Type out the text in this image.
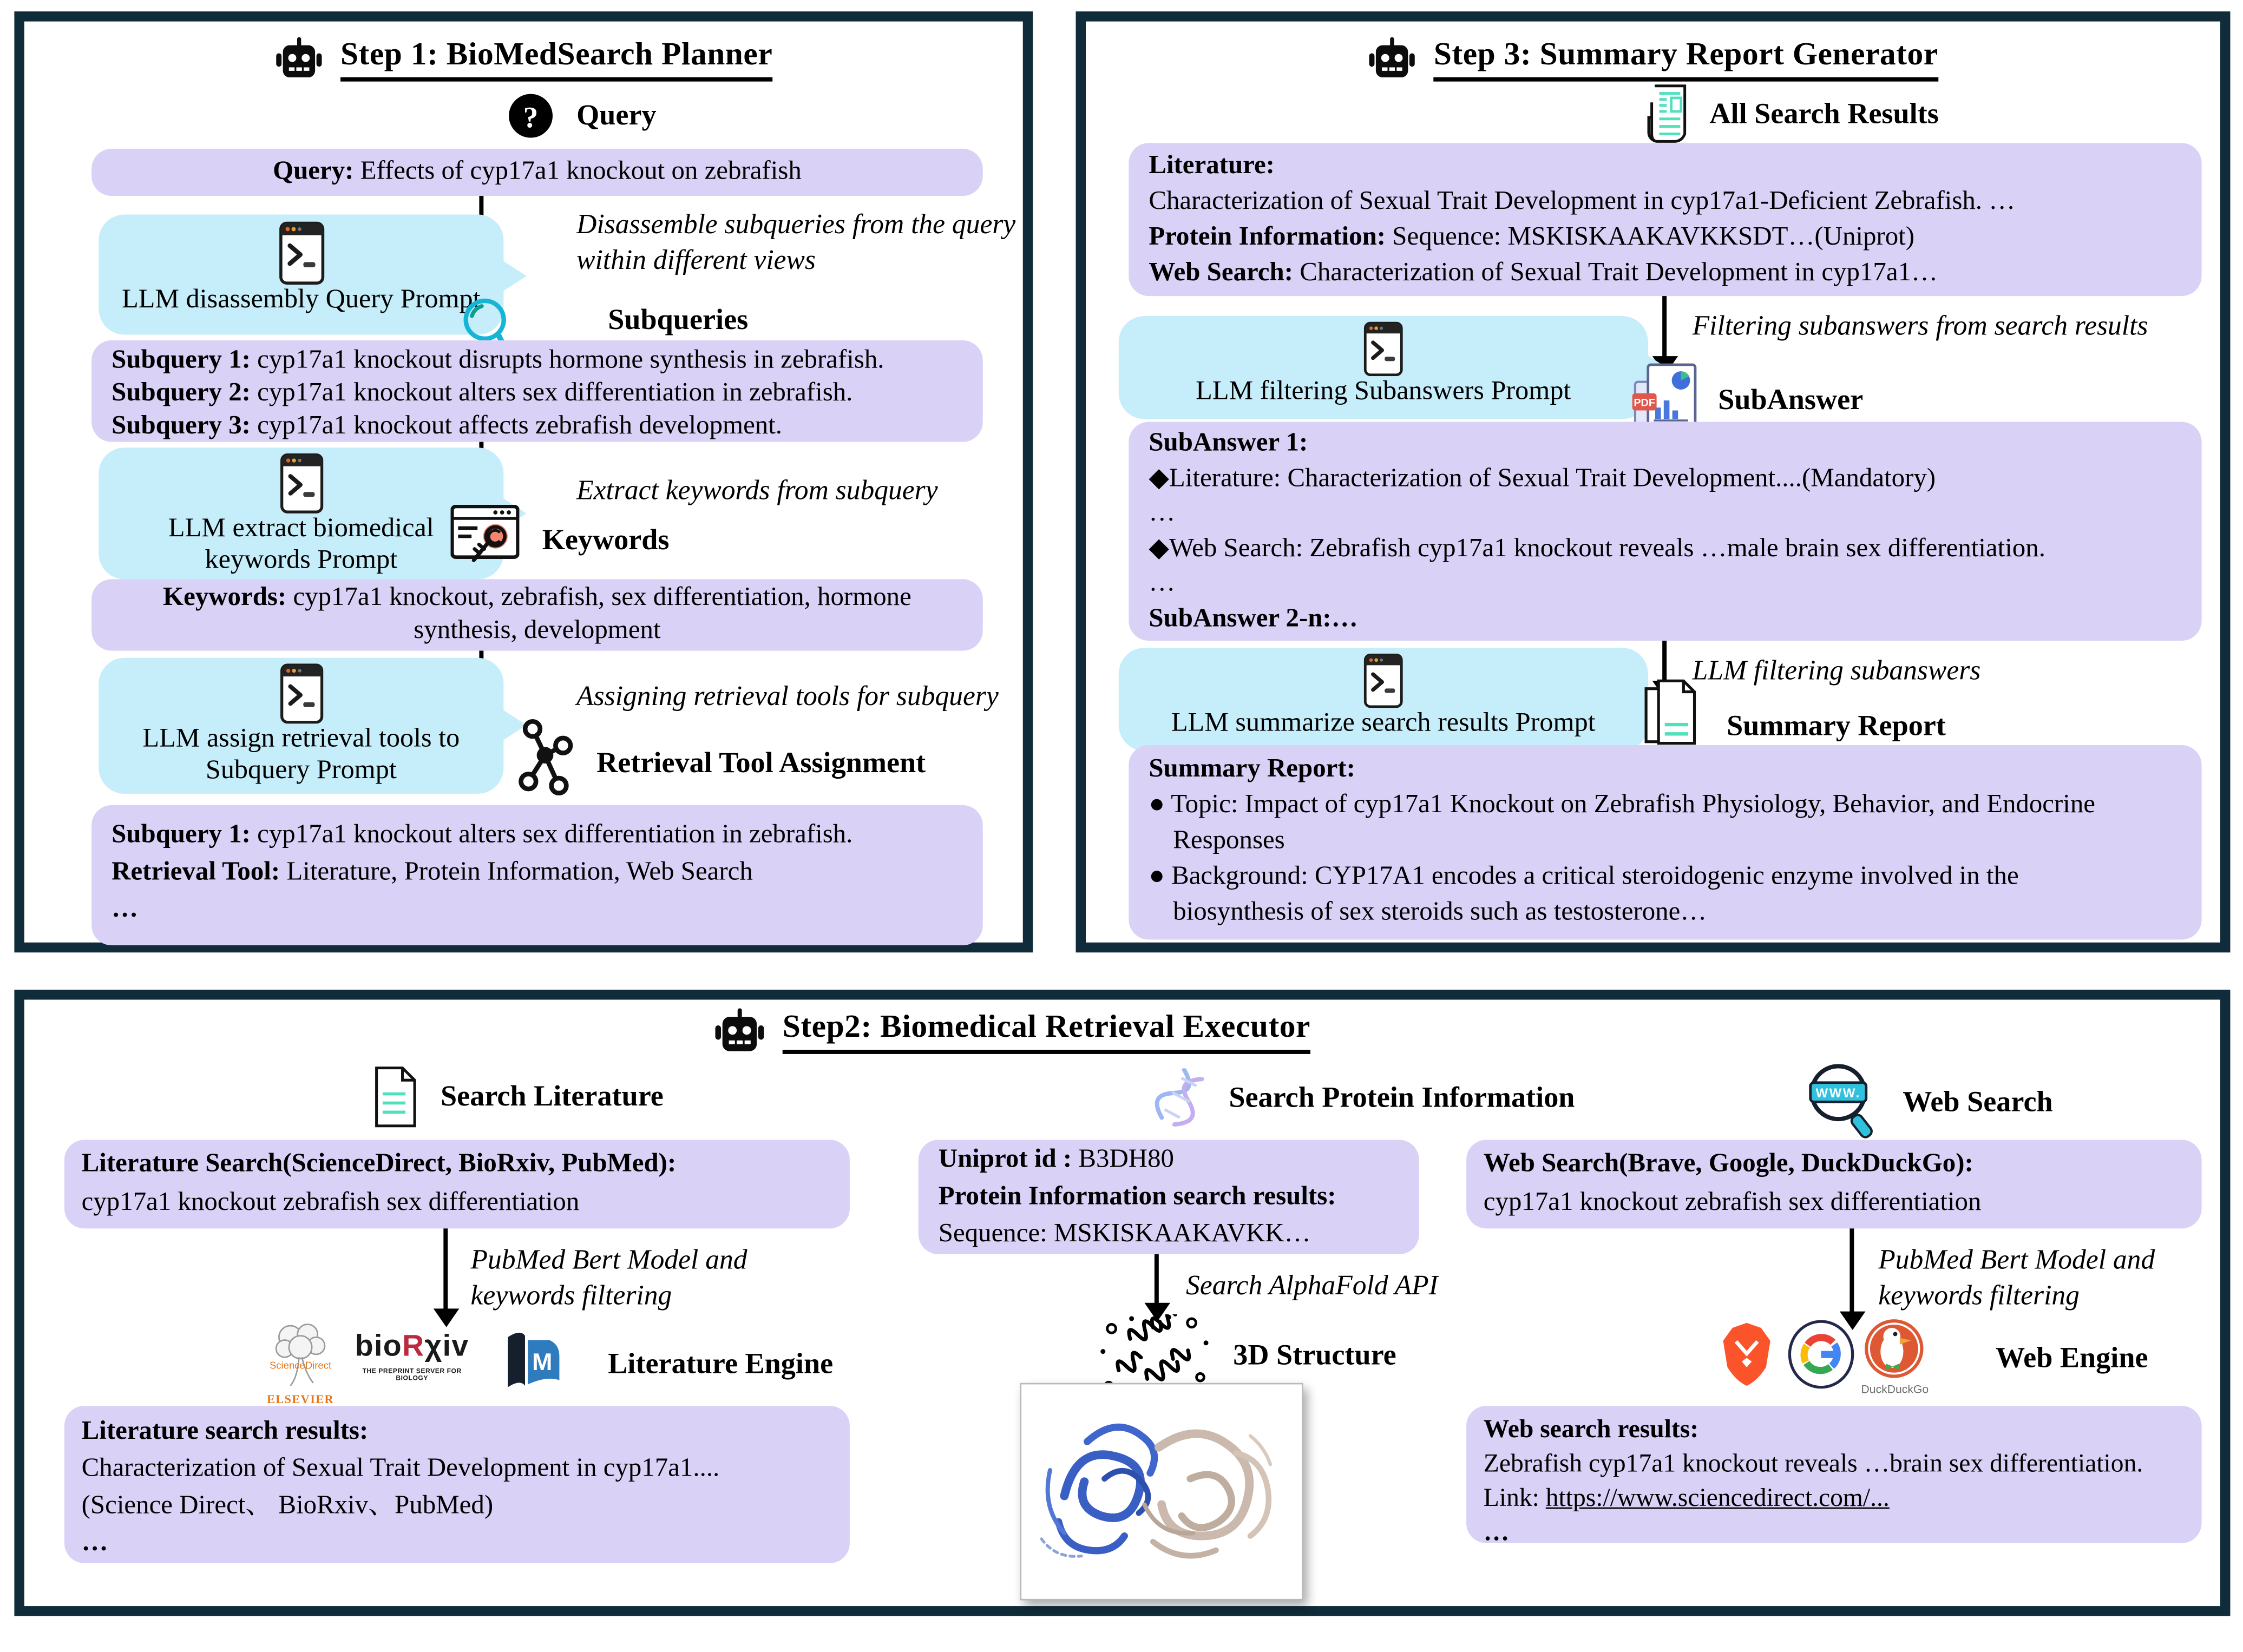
Step 1: BioMedSearch Planner
?	Query
Query: Effects of cyp17a1 knockout on zebrafish
Disassemble subqueries from the query
within different views
LLM disassembly Query Prompt
Subqueries
Subquery 1: cyp17a1 knockout disrupts hormone synthesis in zebrafish.
Subquery 2: cyp17a1 knockout alters sex differentiation in zebrafish.
Subquery 3: cyp17a1 knockout affects zebrafish development.
Extract keywords from subquery
LLM extract biomedical
keywords Prompt
Keywords
Keywords: cyp17a1 knockout, zebrafish, sex differentiation, hormone
synthesis, development
Assigning retrieval tools for subquery
LLM assign retrieval tools to
Subquery Prompt	Retrieval Tool Assignment
Subquery 1: cyp17a1 knockout alters sex differentiation in zebrafish.
Retrieval Tool: Literature, Protein Information, Web Search
…
Step 3: Summary Report Generator
All Search Results
Literature:
Characterization of Sexual Trait Development in cyp17a1-Deficient Zebrafish. …
Protein Information: Sequence: MSKISKAAKAVKKSDT…(Uniprot)
Web Search: Characterization of Sexual Trait Development in cyp17a1…
Filtering subanswers from search results
LLM filtering Subanswers Prompt	PDF	SubAnswer
SubAnswer 1:
◆Literature: Characterization of Sexual Trait Development....(Mandatory)
…
◆Web Search: Zebrafish cyp17a1 knockout reveals …male brain sex differentiation.
…
SubAnswer 2-n:…
LLM filtering subanswers
LLM summarize search results Prompt	Summary Report
Summary Report:
● Topic: Impact of cyp17a1 Knockout on Zebrafish Physiology, Behavior, and Endocrine
Responses
● Background: CYP17A1 encodes a critical steroidogenic enzyme involved in the
biosynthesis of sex steroids such as testosterone…
Step2: Biomedical Retrieval Executor
Search Literature
Literature Search(ScienceDirect, BioRxiv, PubMed):
cyp17a1 knockout zebrafish sex differentiation
PubMed Bert Model and
keywords filtering
ScienceDirect
ELSEVIER
bioRχiv
THE PREPRINT SERVER FOR BIOLOGY
M	Literature Engine
Literature search results:
Characterization of Sexual Trait Development in cyp17a1....
(Science Direct、 BioRxiv、PubMed)
…
Search Protein Information
Uniprot id : B3DH80
Protein Information search results:
Sequence: MSKISKAAKAVKK…
Search AlphaFold API
3D Structure
WWW.	Web Search
Web Search(Brave, Google, DuckDuckGo):
cyp17a1 knockout zebrafish sex differentiation
PubMed Bert Model and
keywords filtering
DuckDuckGo
Web Engine
Web search results:
Zebrafish cyp17a1 knockout reveals …brain sex differentiation.
Link: https://www.sciencedirect.com/...
…
